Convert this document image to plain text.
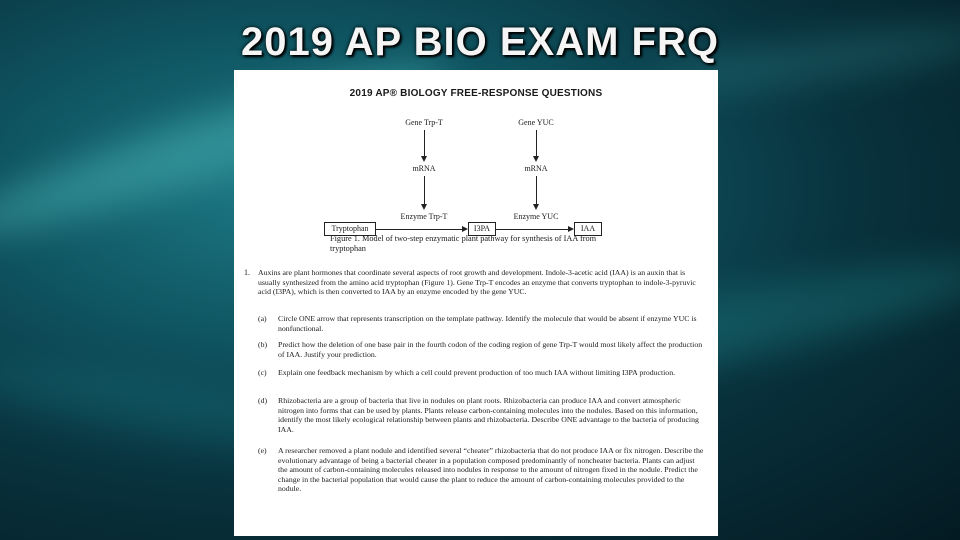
2019 AP BIO EXAM FRQ
2019 AP® BIOLOGY FREE-RESPONSE QUESTIONS
Gene Trp-T	Gene YUC
mRNA	mRNA
Enzyme Trp-T	Enzyme YUC
Tryptophan	I3PA	IAA
Figure 1. Model of two-step enzymatic plant pathway for synthesis of IAA from tryptophan
1. Auxins are plant hormones that coordinate several aspects of root growth and development. Indole-3-acetic acid (IAA) is an auxin that is usually synthesized from the amino acid tryptophan (Figure 1). Gene Trp-T encodes an enzyme that converts tryptophan to indole-3-pyruvic acid (I3PA), which is then converted to IAA by an enzyme encoded by the gene YUC.
(a) Circle ONE arrow that represents transcription on the template pathway. Identify the molecule that would be absent if enzyme YUC is nonfunctional.
(b) Predict how the deletion of one base pair in the fourth codon of the coding region of gene Trp-T would most likely affect the production of IAA. Justify your prediction.
(c) Explain one feedback mechanism by which a cell could prevent production of too much IAA without limiting I3PA production.
(d) Rhizobacteria are a group of bacteria that live in nodules on plant roots. Rhizobacteria can produce IAA and convert atmospheric nitrogen into forms that can be used by plants. Plants release carbon-containing molecules into the nodules. Based on this information, identify the most likely ecological relationship between plants and rhizobacteria. Describe ONE advantage to the bacteria of producing IAA.
(e) A researcher removed a plant nodule and identified several “cheater” rhizobacteria that do not produce IAA or fix nitrogen. Describe the evolutionary advantage of being a bacterial cheater in a population composed predominantly of noncheater bacteria. Plants can adjust the amount of carbon-containing molecules released into nodules in response to the amount of nitrogen fixed in the nodule. Predict the change in the bacterial population that would cause the plant to reduce the amount of carbon-containing molecules provided to the nodule.
